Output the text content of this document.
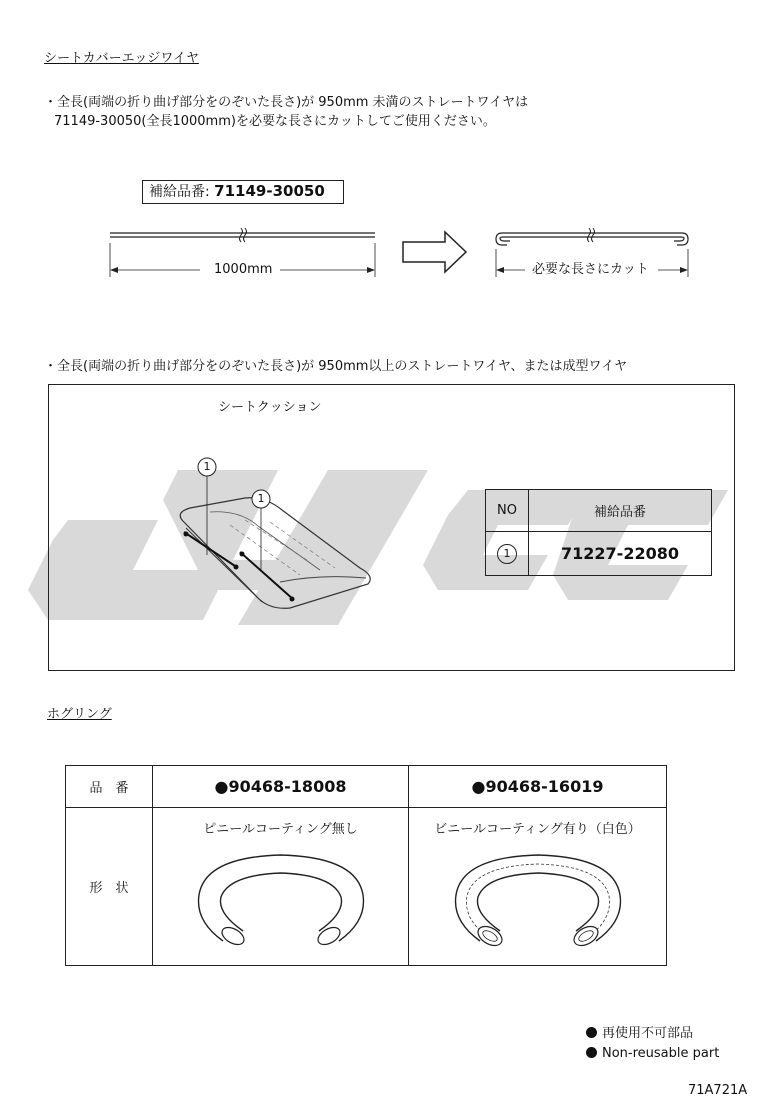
シートカバーエッジワイヤ
・全長(両端の折り曲げ部分をのぞいた長さ)が 950mm 未満のストレートワイヤは
71149-30050(全長1000mm)を必要な長さにカットしてご使用ください。
補給品番: 71149-30050
1000mm	必要な長さにカット
・全長(両端の折り曲げ部分をのぞいた長さ)が 950mm以上のストレートワイヤ、または成型ワイヤ
シートクッション
1
1
NO	補給品番
1	71227-22080
ホグリング
品　番	●90468-18008	●90468-16019
形　状	ピニールコーティング無し	ビニールコーティング有り（白色）
再使用不可部品
Non-reusable part
71A721A
